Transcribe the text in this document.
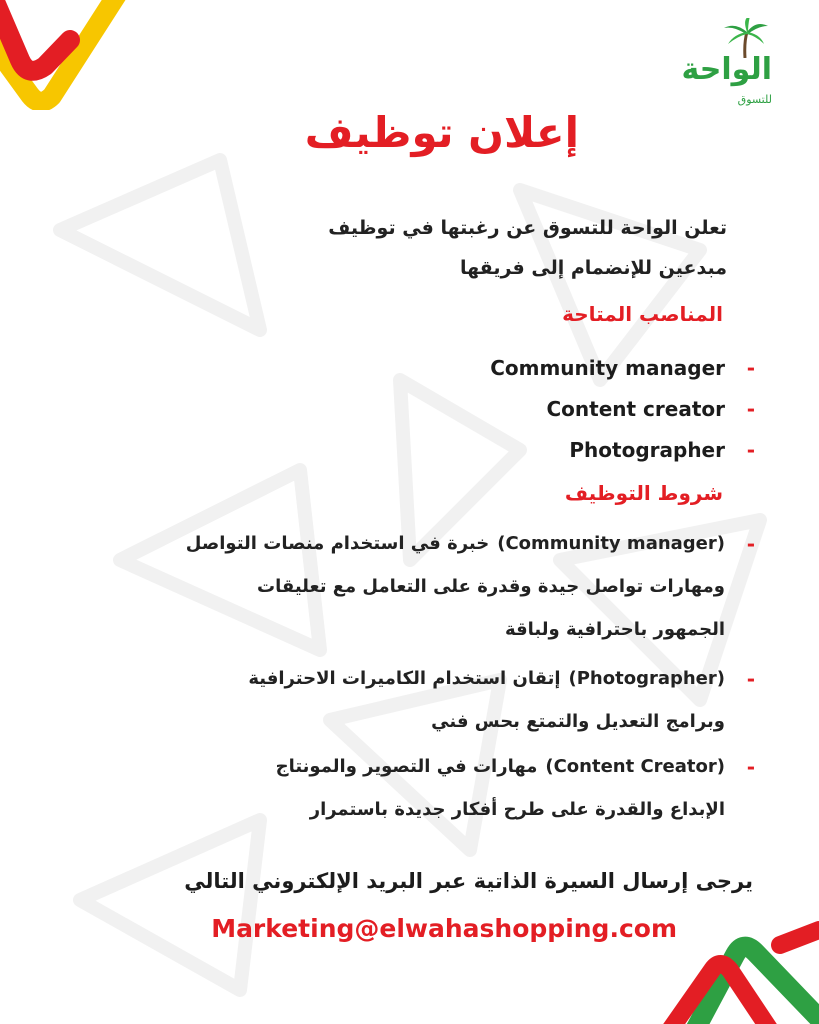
الواحة
للتسوق
إعلان توظيف
تعلن الواحة للتسوق عن رغبتها في توظيف
مبدعين للإنضمام إلى فريقها
المناصب المتاحة
Community manager	-
Content creator	-
Photographer	-
شروط التوظيف
-
(Community manager)
خبرة في استخدام منصات التواصل
ومهارات تواصل جيدة وقدرة على التعامل مع تعليقات
الجمهور باحترافية ولباقة
-
(Photographer)
إتقان استخدام الكاميرات الاحترافية
وبرامج التعديل والتمتع بحس فني
-
(Content Creator)
مهارات في التصوير والمونتاج
الإبداع والقدرة على طرح أفكار جديدة باستمرار
يرجى إرسال السيرة الذاتية عبر البريد الإلكتروني التالي
Marketing@elwahashopping.com
